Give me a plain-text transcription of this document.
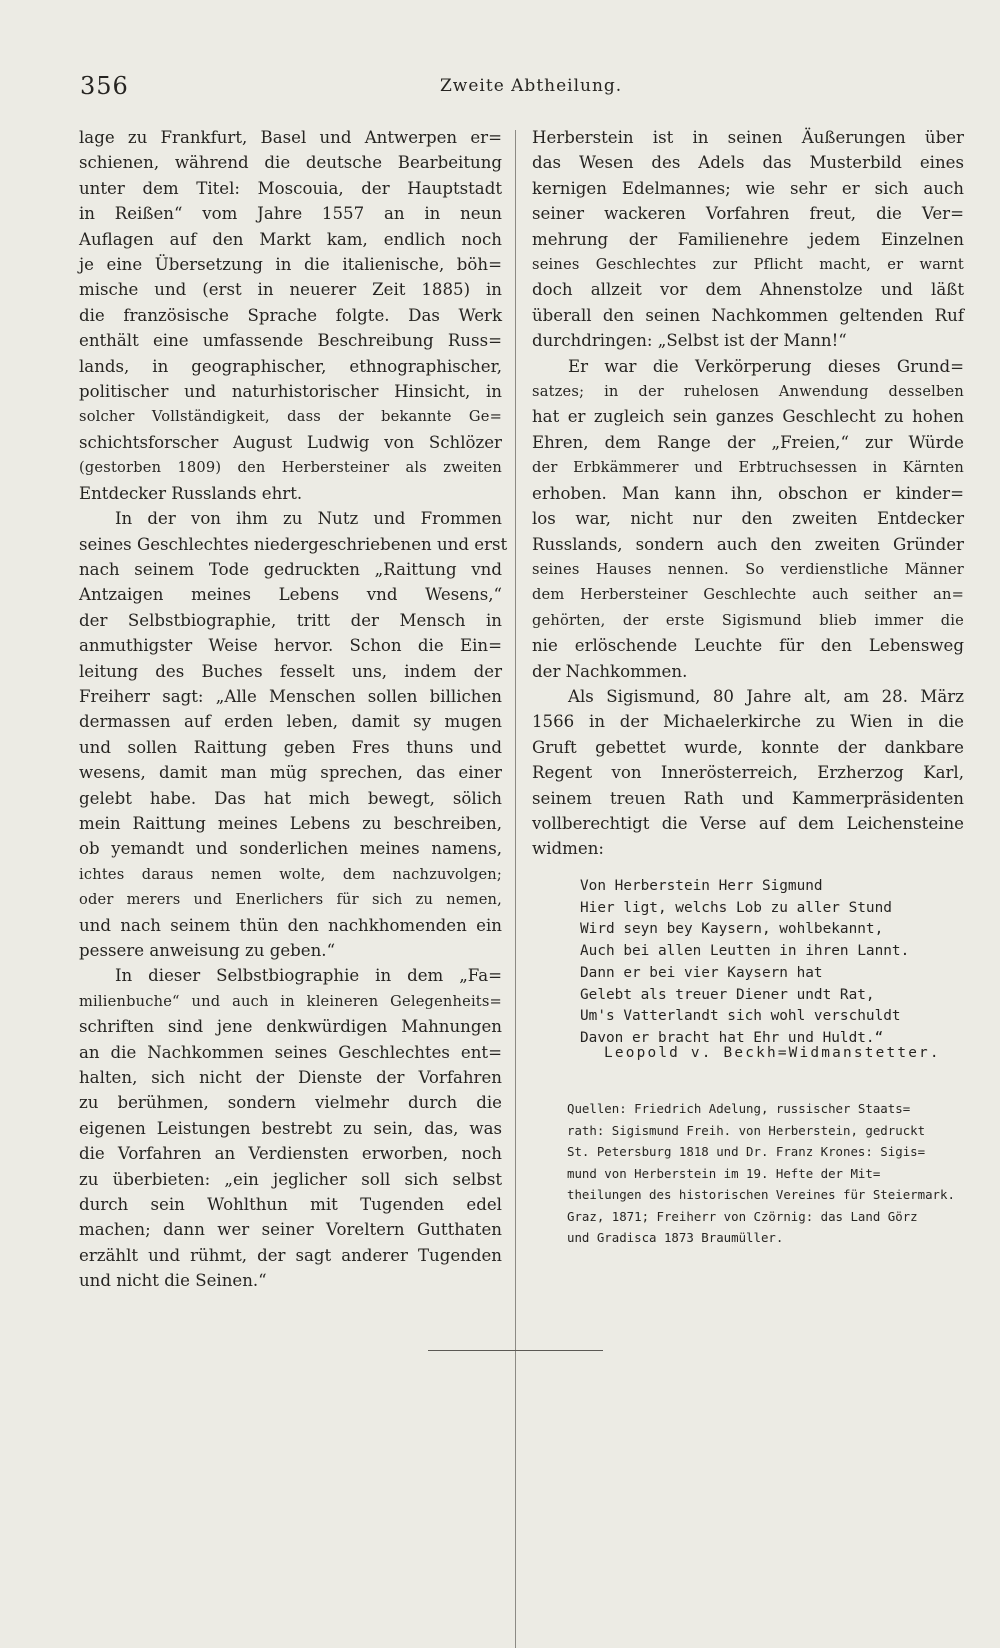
356	Zweite Abtheilung.
lage zu Frankfurt, Basel und Antwerpen er=
schienen, während die deutsche Bearbeitung
unter dem Titel: Moscouia, der Hauptstadt
in Reißen“ vom Jahre 1557 an in neun
Auflagen auf den Markt kam, endlich noch
je eine Übersetzung in die italienische, böh=
mische und (erst in neuerer Zeit 1885) in
die französische Sprache folgte. Das Werk
enthält eine umfassende Beschreibung Russ=
lands, in geographischer, ethnographischer,
politischer und naturhistorischer Hinsicht, in
solcher Vollständigkeit, dass der bekannte Ge=
schichtsforscher August Ludwig von Schlözer
(gestorben 1809) den Herbersteiner als zweiten
Entdecker Russlands ehrt.
In der von ihm zu Nutz und Frommen
seines Geschlechtes niedergeschriebenen und erst
nach seinem Tode gedruckten „Raittung vnd
Antzaigen meines Lebens vnd Wesens,“
der Selbstbiographie, tritt der Mensch in
anmuthigster Weise hervor. Schon die Ein=
leitung des Buches fesselt uns, indem der
Freiherr sagt: „Alle Menschen sollen billichen
dermassen auf erden leben, damit sy mugen
und sollen Raittung geben Fres thuns und
wesens, damit man müg sprechen, das einer
gelebt habe. Das hat mich bewegt, sölich
mein Raittung meines Lebens zu beschreiben,
ob yemandt und sonderlichen meines namens,
ichtes daraus nemen wolte, dem nachzuvolgen;
oder merers und Enerlichers für sich zu nemen,
und nach seinem thün den nachkhomenden ein
pessere anweisung zu geben.“
In dieser Selbstbiographie in dem „Fa=
milienbuche“ und auch in kleineren Gelegenheits=
schriften sind jene denkwürdigen Mahnungen
an die Nachkommen seines Geschlechtes ent=
halten, sich nicht der Dienste der Vorfahren
zu berühmen, sondern vielmehr durch die
eigenen Leistungen bestrebt zu sein, das, was
die Vorfahren an Verdiensten erworben, noch
zu überbieten: „ein jeglicher soll sich selbst
durch sein Wohlthun mit Tugenden edel
machen; dann wer seiner Voreltern Gutthaten
erzählt und rühmt, der sagt anderer Tugenden
und nicht die Seinen.“
Herberstein ist in seinen Äußerungen über
das Wesen des Adels das Musterbild eines
kernigen Edelmannes; wie sehr er sich auch
seiner wackeren Vorfahren freut, die Ver=
mehrung der Familienehre jedem Einzelnen
seines Geschlechtes zur Pflicht macht, er warnt
doch allzeit vor dem Ahnenstolze und läßt
überall den seinen Nachkommen geltenden Ruf
durchdringen: „Selbst ist der Mann!“
Er war die Verkörperung dieses Grund=
satzes; in der ruhelosen Anwendung desselben
hat er zugleich sein ganzes Geschlecht zu hohen
Ehren, dem Range der „Freien,“ zur Würde
der Erbkämmerer und Erbtruchsessen in Kärnten
erhoben. Man kann ihn, obschon er kinder=
los war, nicht nur den zweiten Entdecker
Russlands, sondern auch den zweiten Gründer
seines Hauses nennen. So verdienstliche Männer
dem Herbersteiner Geschlechte auch seither an=
gehörten, der erste Sigismund blieb immer die
nie erlöschende Leuchte für den Lebensweg
der Nachkommen.
Als Sigismund, 80 Jahre alt, am 28. März
1566 in der Michaelerkirche zu Wien in die
Gruft gebettet wurde, konnte der dankbare
Regent von Innerösterreich, Erzherzog Karl,
seinem treuen Rath und Kammerpräsidenten
vollberechtigt die Verse auf dem Leichensteine
widmen:
Von Herberstein Herr Sigmund
Hier ligt, welchs Lob zu aller Stund
Wird seyn bey Kaysern, wohlbekannt,
Auch bei allen Leutten in ihren Lannt.
Dann er bei vier Kaysern hat
Gelebt als treuer Diener undt Rat,
Um's Vatterlandt sich wohl verschuldt
Davon er bracht hat Ehr und Huldt.“
Leopold v. Beckh=Widmanstetter.
Quellen: Friedrich Adelung, russischer Staats=
rath: Sigismund Freih. von Herberstein, gedruckt
St. Petersburg 1818 und Dr. Franz Krones: Sigis=
mund von Herberstein im 19. Hefte der Mit=
theilungen des historischen Vereines für Steiermark.
Graz, 1871; Freiherr von Czörnig: das Land Görz
und Gradisca 1873 Braumüller.
